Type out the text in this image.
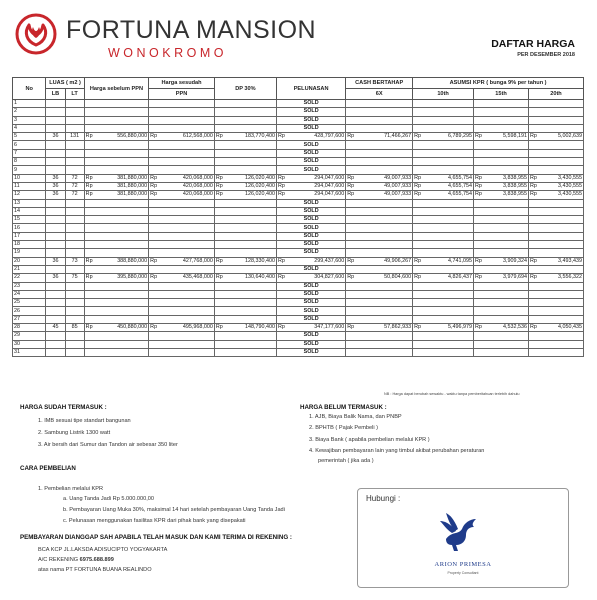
FORTUNA MANSION
WONOKROMO
DAFTAR HARGA
PER DESEMBER 2018
No	LUAS ( m2 )		Harga sebelum PPN		Harga sesudah		DP 30%		PELUNASAN		CASH BERTAHAP		ASUMSI KPR ( bunga 9% per tahun )					
	LB	LT			PPN						6X		10th		15th		20th	
1									SOLD									
2									SOLD									
3									SOLD									
4									SOLD									
5	36	131	Rp	556,880,000	Rp	612,568,000	Rp	183,770,400	Rp	428,797,600	Rp	71,466,267	Rp	6,789,295	Rp	5,598,191	Rp	5,002,639
6									SOLD									
7									SOLD									
8									SOLD									
9									SOLD									
10	36	72	Rp	381,880,000	Rp	420,068,000	Rp	126,020,400	Rp	294,047,600	Rp	49,007,933	Rp	4,655,754	Rp	3,838,955	Rp	3,430,555
11	36	72	Rp	381,880,000	Rp	420,068,000	Rp	126,020,400	Rp	294,047,600	Rp	49,007,933	Rp	4,655,754	Rp	3,838,955	Rp	3,430,555
12	36	72	Rp	381,880,000	Rp	420,068,000	Rp	126,020,400	Rp	294,047,600	Rp	49,007,933	Rp	4,655,754	Rp	3,838,955	Rp	3,430,555
13									SOLD									
14									SOLD									
15									SOLD									
16									SOLD									
17									SOLD									
18									SOLD									
19									SOLD									
20	36	73	Rp	388,880,000	Rp	427,768,000	Rp	128,330,400	Rp	299,437,600	Rp	49,906,267	Rp	4,741,095	Rp	3,909,324	Rp	3,493,439
21									SOLD									
22	36	75	Rp	395,880,000	Rp	435,468,000	Rp	130,640,400	Rp	304,827,600	Rp	50,804,600	Rp	4,826,437	Rp	3,979,694	Rp	3,556,322
23									SOLD									
24									SOLD									
25									SOLD									
26									SOLD									
27									SOLD									
28	45	85	Rp	450,880,000	Rp	495,968,000	Rp	148,790,400	Rp	347,177,600	Rp	57,862,933	Rp	5,496,979	Rp	4,532,536	Rp	4,050,435
29									SOLD									
30									SOLD									
31									SOLD									
NB : Harga dapat berubah sewaktu - waktu tanpa pemberitahuan terlebih dahulu
HARGA SUDAH TERMASUK :
1. IMB sesuai tipe standart bangunan
2. Sambung Listrik 1300 watt
3. Air bersih dari Sumur dan Tandon air sebesar 350 liter
HARGA BELUM TERMASUK :
1. AJB, Biaya Balik Nama, dan PNBP
2. BPHTB ( Pajak Pembeli )
3. Biaya Bank ( apabila pembelian melalui KPR )
4. Kewajiban pembayaran lain yang timbul akibat perubahan peraturan
pemerintah ( jika ada )
CARA PEMBELIAN
1. Pembelian melalui KPR
a. Uang Tanda Jadi Rp 5.000.000,00
b. Pembayaran Uang Muka 30%, maksimal 14 hari setelah pembayaran Uang Tanda Jadi
c. Pelunasan menggunakan fasilitas KPR dari pihak bank yang disepakati
PEMBAYARAN DIANGGAP SAH APABILA TELAH MASUK DAN KAMI TERIMA DI REKENING :
BCA KCP JL.LAKSDA ADISUCIPTO YOGYAKARTA
A/C REKENING 6975.688.899
atas nama PT FORTUNA BUANA REALINDO
Hubungi :
ARION PRIMESA
Property Consultant
